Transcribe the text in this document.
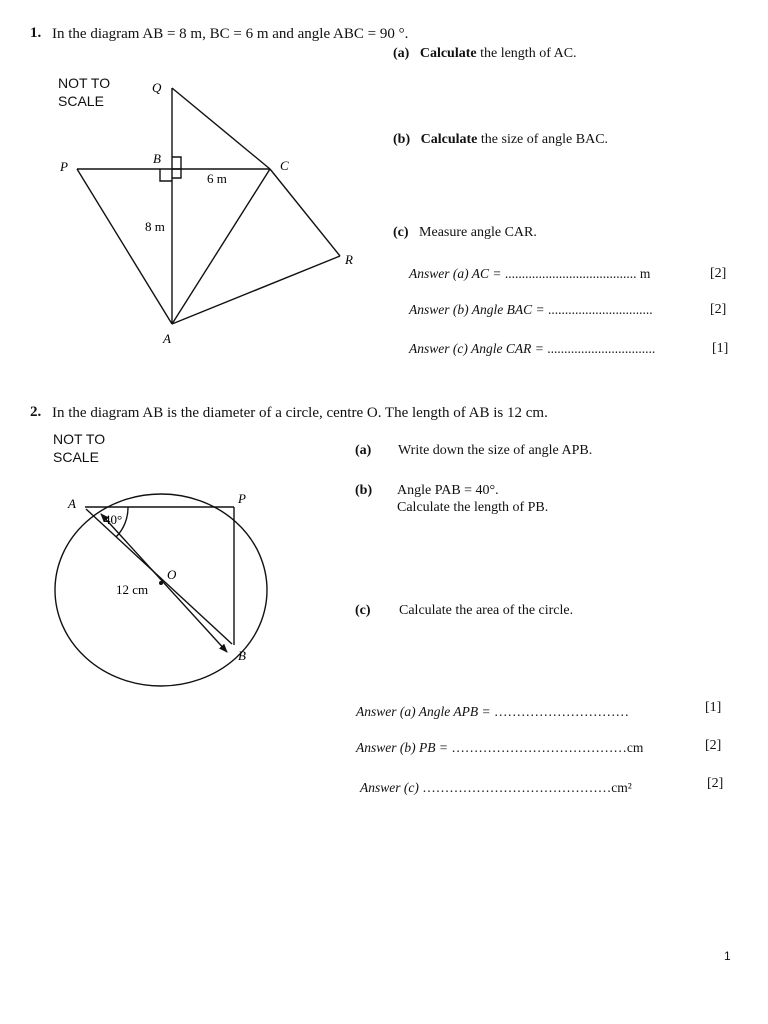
1. In the diagram AB = 8 m, BC = 6 m and angle ABC = 90 °.
NOT TO
SCALE
P
Q
B	C
R
A
6 m
8 m
(a) Calculate the length of AC.
(b) Calculate the size of angle BAC.
(c) Measure angle CAR.
Answer (a) AC = ....................................... m	[2]
Answer (b) Angle BAC = ...............................	[2]
Answer (c) Angle CAR = ................................	[1]
2. In the diagram AB is the diameter of a circle, centre O. The length of AB is 12 cm.
NOT TO
SCALE
A	P
O
B
40°
12 cm
(a) Write down the size of angle APB.
(b) Angle PAB = 40°.
Calculate the length of PB.
(c) Calculate the area of the circle.
Answer (a) Angle APB = …………………………	[1]
Answer (b) PB = …………………………………cm	[2]
Answer (c) ……………………………………cm²	[2]
1
